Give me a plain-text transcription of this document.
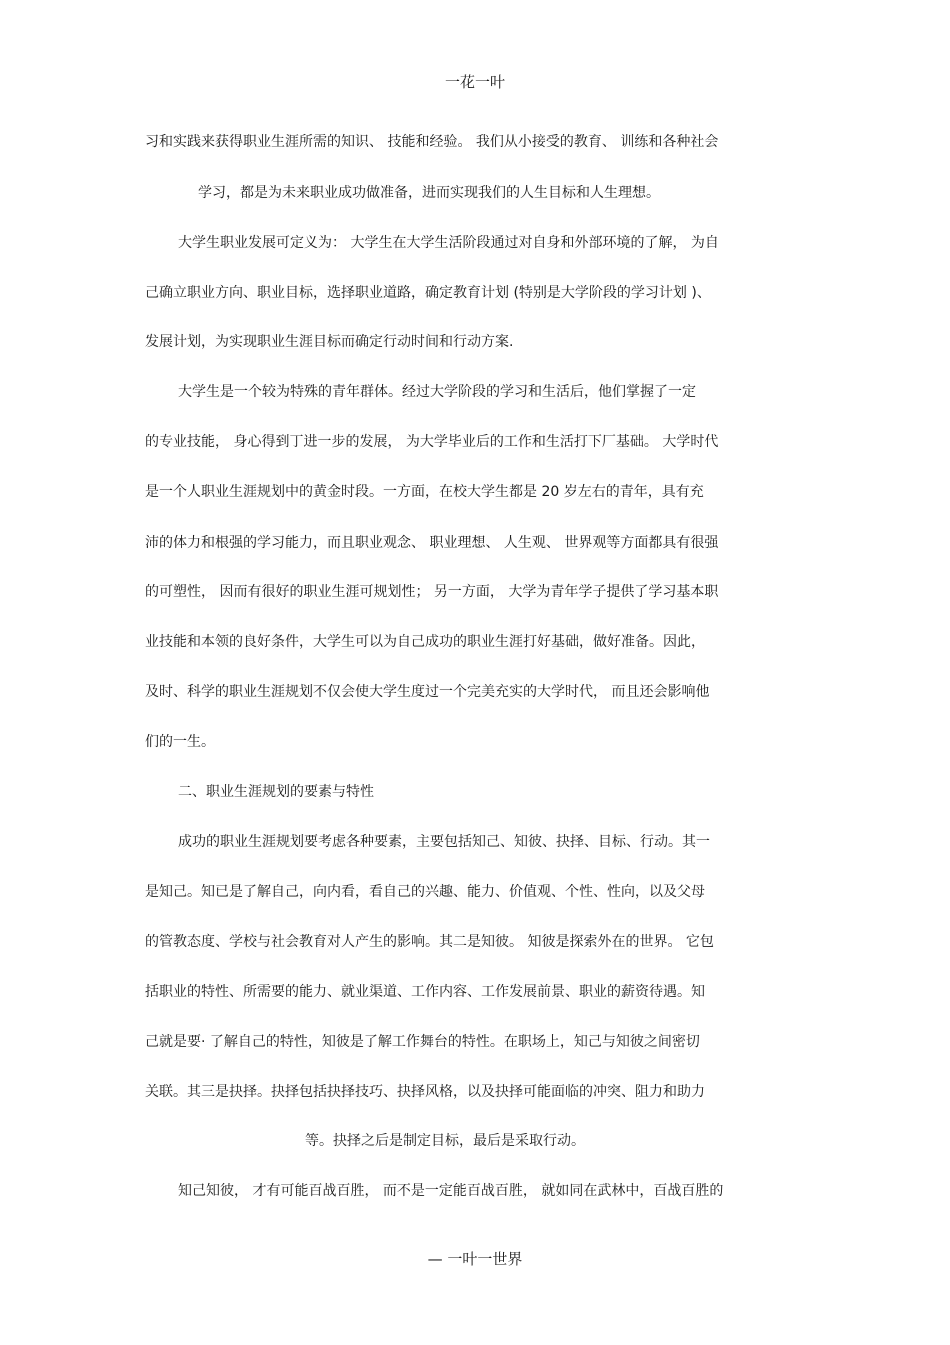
一花一叶
习和实践来获得职业生涯所需的知识、 技能和经验。 我们从小接受的教育、 训练和各种社会
学习，都是为未来职业成功做准备，进而实现我们的人生目标和人生理想。
大学生职业发展可定义为： 大学生在大学生活阶段通过对自身和外部环境的了解， 为自
己确立职业方向、职业目标，选择职业道路，确定教育计划 (特别是大学阶段的学习计划 )、
发展计划，为实现职业生涯目标而确定行动时间和行动方案.
大学生是一个较为特殊的青年群体。经过大学阶段的学习和生活后，他们掌握了一定
的专业技能， 身心得到丁进一步的发展， 为大学毕业后的工作和生活打下厂基础。 大学时代
是一个人职业生涯规划中的黄金时段。一方面，在校大学生都是 20 岁左右的青年，具有充
沛的体力和根强的学习能力，而且职业观念、 职业理想、 人生观、 世界观等方面都具有很强
的可塑性， 因而有很好的职业生涯可规划性； 另一方面， 大学为青年学子提供了学习基本职
业技能和本领的良好条件，大学生可以为自己成功的职业生涯打好基础，做好准备。因此，
及时、科学的职业生涯规划不仅会使大学生度过一个完美充实的大学时代， 而且还会影响他
们的一生。
二、职业生涯规划的要素与特性
成功的职业生涯规划要考虑各种要素，主要包括知己、知彼、抉择、目标、行动。其一
是知己。知已是了解自己，向内看，看自己的兴趣、能力、价值观、个性、性向，以及父母
的管教态度、学校与社会教育对人产生的影响。其二是知彼。 知彼是探索外在的世界。 它包
括职业的特性、所需要的能力、就业渠道、工作内容、工作发展前景、职业的薪资待遇。知
己就是要· 了解自己的特性，知彼是了解工作舞台的特性。在职场上，知己与知彼之间密切
关联。其三是抉择。抉择包括抉择技巧、抉择风格，以及抉择可能面临的冲突、阻力和助力
等。抉择之后是制定目标，最后是采取行动。
知己知彼， 才有可能百战百胜， 而不是一定能百战百胜， 就如同在武林中，百战百胜的
— 一叶一世界
